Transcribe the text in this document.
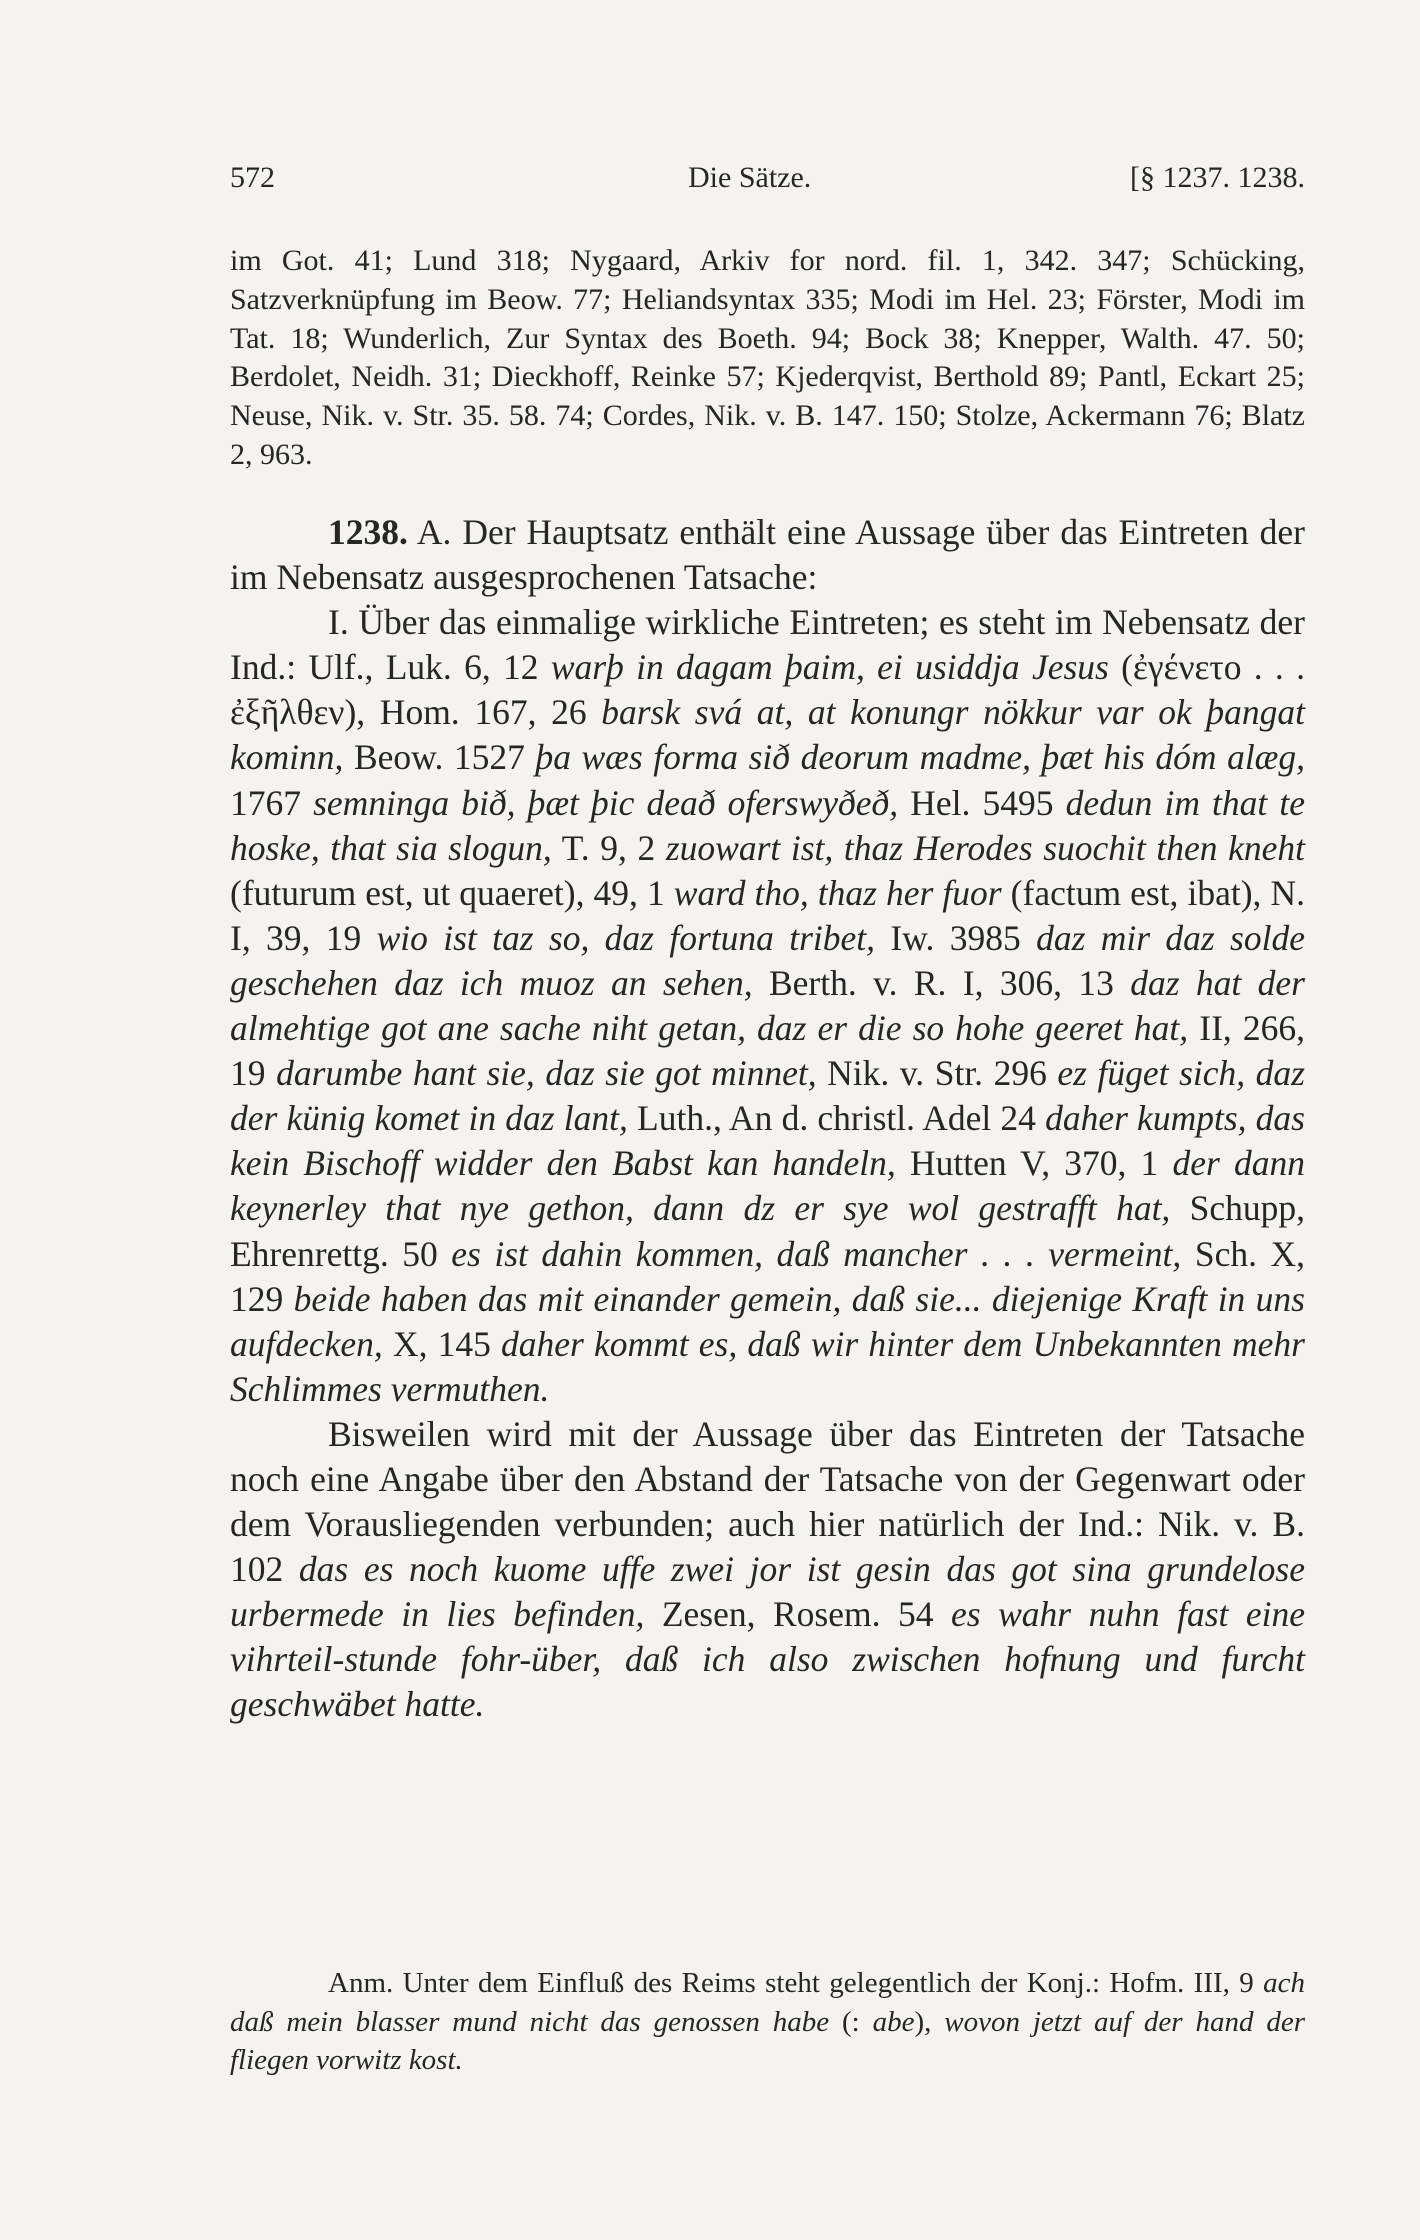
572	Die Sätze.	[§ 1237. 1238.
im Got. 41; Lund 318; Nygaard, Arkiv for nord. fil. 1, 342. 347; Schücking, Satzverknüpfung im Beow. 77; Heliandsyntax 335; Modi im Hel. 23; Förster, Modi im Tat. 18; Wunderlich, Zur Syntax des Boeth. 94; Bock 38; Knepper, Walth. 47. 50; Berdolet, Neidh. 31; Dieckhoff, Reinke 57; Kjederqvist, Berthold 89; Pantl, Eckart 25; Neuse, Nik. v. Str. 35. 58. 74; Cordes, Nik. v. B. 147. 150; Stolze, Ackermann 76; Blatz 2, 963.

1238. A. Der Hauptsatz enthält eine Aussage über das Eintreten der im Nebensatz ausgesprochenen Tatsache:

I. Über das einmalige wirkliche Eintreten; es steht im Nebensatz der Ind.: Ulf., Luk. 6, 12 warþ in dagam þaim, ei usiddja Jesus (ἐγένετο . . . ἐξῆλθεν), Hom. 167, 26 barsk svá at, at konungr nökkur var ok þangat kominn, Beow. 1527 þa wæs forma sið deorum madme, þæt his dóm alæg, 1767 semninga bið, þæt þic deað oferswyðeð, Hel. 5495 dedun im that te hoske, that sia slogun, T. 9, 2 zuowart ist, thaz Herodes suochit then kneht (futurum est, ut quaeret), 49, 1 ward tho, thaz her fuor (factum est, ibat), N. I, 39, 19 wio ist taz so, daz fortuna tribet, Iw. 3985 daz mir daz solde geschehen daz ich muoz an sehen, Berth. v. R. I, 306, 13 daz hat der almehtige got ane sache niht getan, daz er die so hohe geeret hat, II, 266, 19 darumbe hant sie, daz sie got minnet, Nik. v. Str. 296 ez füget sich, daz der künig komet in daz lant, Luth., An d. christl. Adel 24 daher kumpts, das kein Bischoff widder den Babst kan handeln, Hutten V, 370, 1 der dann keynerley that nye gethon, dann dz er sye wol gestrafft hat, Schupp, Ehrenrettg. 50 es ist dahin kommen, daß mancher . . . vermeint, Sch. X, 129 beide haben das mit einander gemein, daß sie... diejenige Kraft in uns aufdecken, X, 145 daher kommt es, daß wir hinter dem Unbekannten mehr Schlimmes vermuthen.

Bisweilen wird mit der Aussage über das Eintreten der Tatsache noch eine Angabe über den Abstand der Tatsache von der Gegenwart oder dem Vorausliegenden verbunden; auch hier natürlich der Ind.: Nik. v. B. 102 das es noch kuome uffe zwei jor ist gesin das got sina grundelose urbermede in lies befinden, Zesen, Rosem. 54 es wahr nuhn fast eine vihrteil-stunde fohr-über, daß ich also zwischen hofnung und furcht geschwäbet hatte.

Anm. Unter dem Einfluß des Reims steht gelegentlich der Konj.: Hofm. III, 9 ach daß mein blasser mund nicht das genossen habe (: abe), wovon jetzt auf der hand der fliegen vorwitz kost.
